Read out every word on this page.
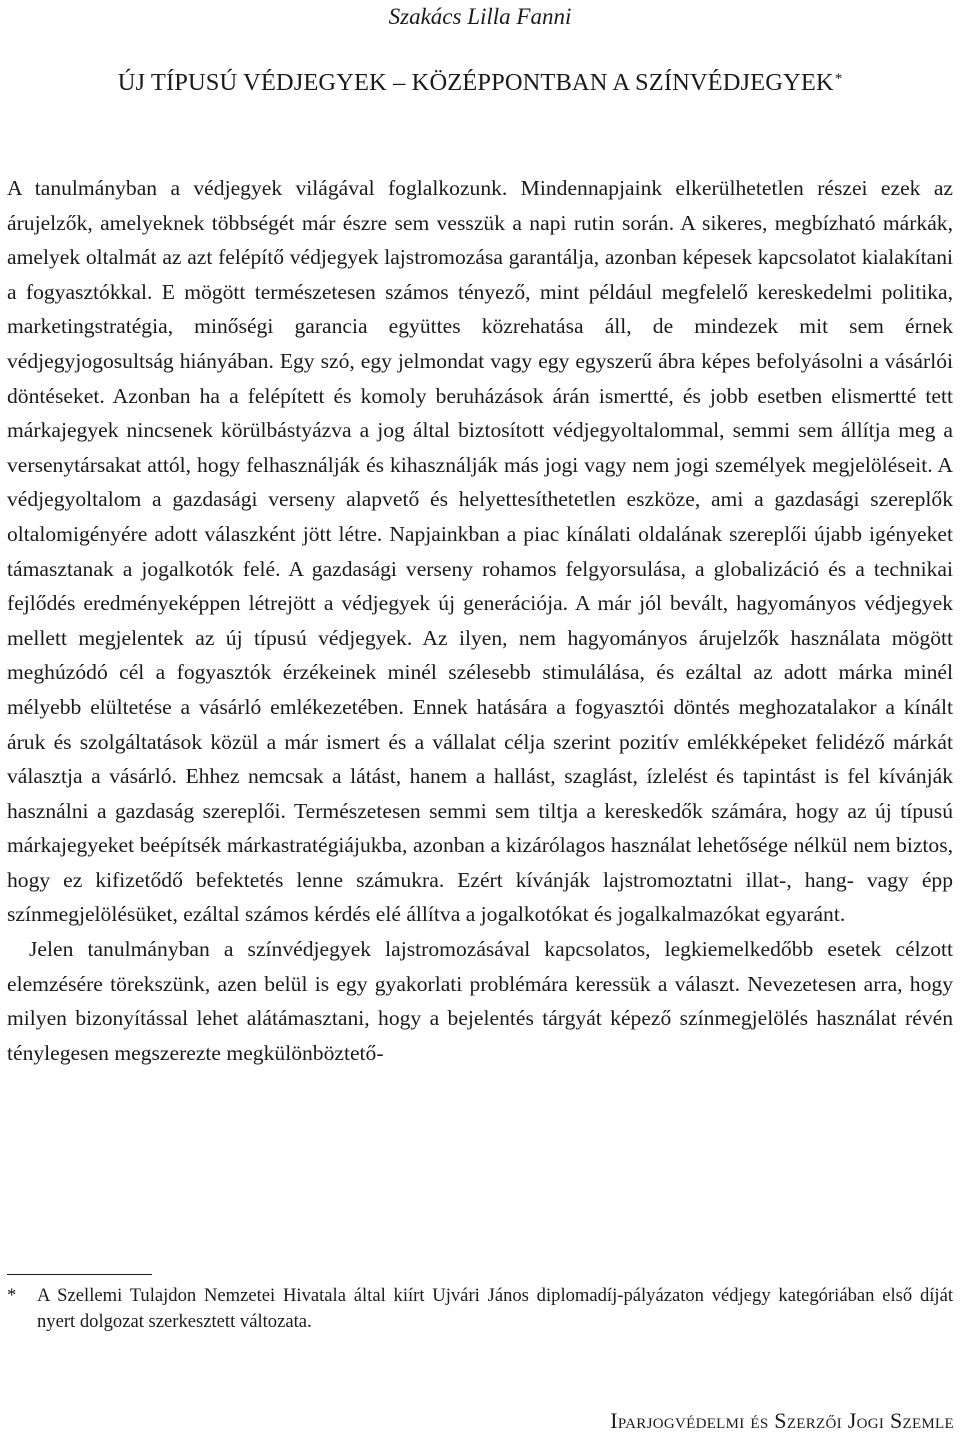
Szakács Lilla Fanni
ÚJ TÍPUSÚ VÉDJEGYEK – KÖZÉPPONTBAN A SZÍNVÉDJEGYEK*

A tanulmányban a védjegyek világával foglalkozunk. Mindennapjaink elkerülhetetlen részei ezek az árujelzők, amelyeknek többségét már észre sem vesszük a napi rutin során. A sikeres, megbízható márkák, amelyek oltalmát az azt felépítő védjegyek lajstromozása garantálja, azonban képesek kapcsolatot kialakítani a fogyasztókkal. E mögött természetesen számos tényező, mint például megfelelő kereskedelmi politika, marketingstratégia, minőségi garancia együttes közrehatása áll, de mindezek mit sem érnek védjegyjogosultság hiányában. Egy szó, egy jelmondat vagy egy egyszerű ábra képes befolyásolni a vásárlói döntéseket. Azonban ha a felépített és komoly beruházások árán ismertté, és jobb esetben elismertté tett márkajegyek nincsenek körülbástyázva a jog által biztosított védjegyoltalommal, semmi sem állítja meg a versenytársakat attól, hogy felhasználják és kihasználják más jogi vagy nem jogi személyek megjelöléseit. A védjegyoltalom a gazdasági verseny alapvető és helyettesíthetetlen eszköze, ami a gazdasági szereplők oltalomigényére adott válaszként jött létre. Napjainkban a piac kínálati oldalának szereplői újabb igényeket támasztanak a jogalkotók felé. A gazdasági verseny rohamos felgyorsulása, a globalizáció és a technikai fejlődés eredményeképpen létrejött a védjegyek új generációja. A már jól bevált, hagyományos védjegyek mellett megjelentek az új típusú védjegyek. Az ilyen, nem hagyományos árujelzők használata mögött meghúzódó cél a fogyasztók érzékeinek minél szélesebb stimulálása, és ezáltal az adott márka minél mélyebb elültetése a vásárló emlékezetében. Ennek hatására a fogyasztói döntés meghozatalakor a kínált áruk és szolgáltatások közül a már ismert és a vállalat célja szerint pozitív emlékképeket felidéző márkát választja a vásárló. Ehhez nemcsak a látást, hanem a hallást, szaglást, ízlelést és tapintást is fel kívánják használni a gazdaság szereplői. Természetesen semmi sem tiltja a kereskedők számára, hogy az új típusú márkajegyeket beépítsék márkastratégiájukba, azonban a kizárólagos használat lehetősége nélkül nem biztos, hogy ez kifizetődő befektetés lenne számukra. Ezért kívánják lajstromoztatni illat-, hang- vagy épp színmegjelölésüket, ezáltal számos kérdés elé állítva a jogalkotókat és jogalkalmazókat egyaránt.

Jelen tanulmányban a színvédjegyek lajstromozásával kapcsolatos, legkiemelkedőbb esetek célzott elemzésére törekszünk, azen belül is egy gyakorlati problémára keressük a választ. Nevezetesen arra, hogy milyen bizonyítással lehet alátámasztani, hogy a bejelentés tárgyát képező színmegjelölés használat révén ténylegesen megszerezte megkülönböztető-

* A Szellemi Tulajdon Nemzetei Hivatala által kiírt Ujvári János diplomadíj-pályázaton védjegy kategóriában első díját nyert dolgozat szerkesztett változata.
Iparjogvédelmi és Szerzői Jogi Szemle
